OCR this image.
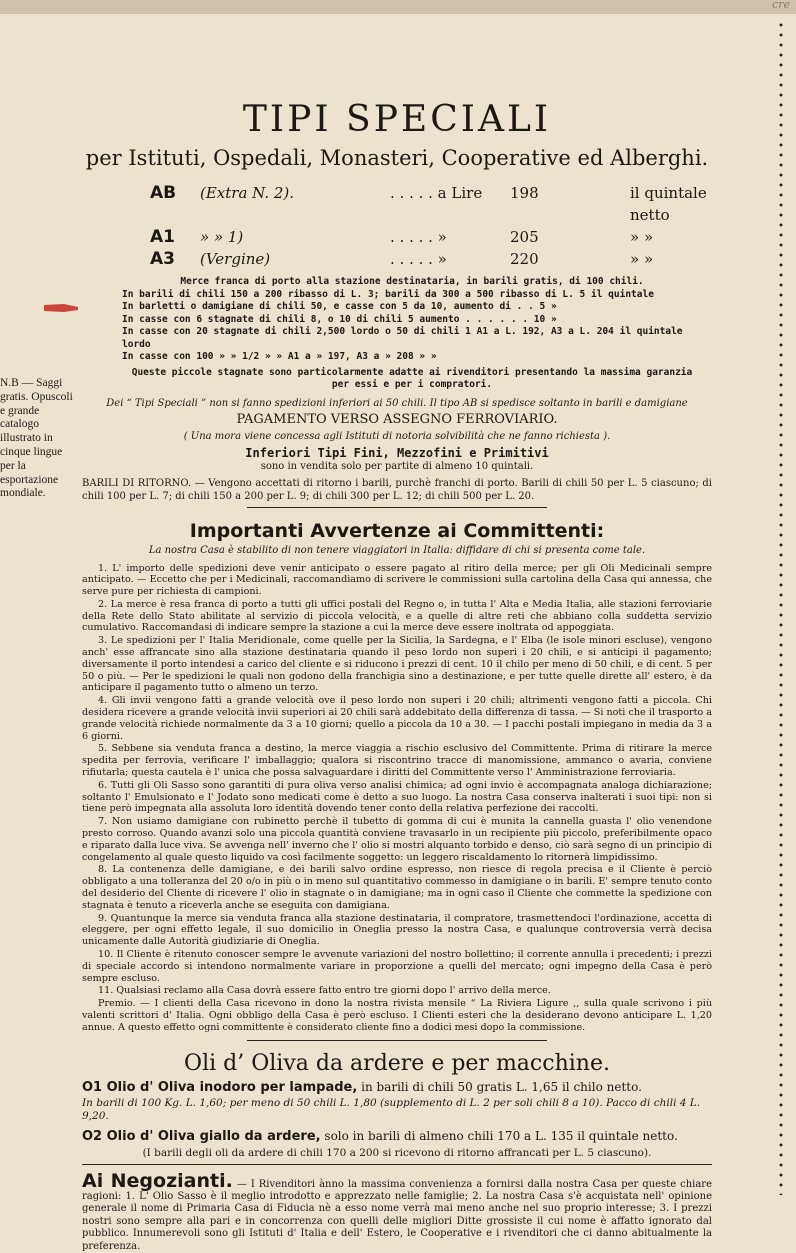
cre
N.B — Saggi gratis. Opuscoli e grande catalogo illustrato in cinque lingue per la esportazione mondiale.
TIPI SPECIALI
per Istituti, Ospedali, Monasteri, Cooperative ed Alberghi.
AB	(Extra N. 2).	. . . . . a Lire	198	il quintale netto
A1	» » 1)	. . . . . »	205	» »
A3	(Vergine)	. . . . . »	220	» »
Merce franca di porto alla stazione destinataria, in barili gratis, di 100 chili.
In barili di chili 150 a 200 ribasso di L. 3; barili da 300 a 500 ribasso di L. 5 il quintale
In barletti o damigiane di chili 50, e casse con 5 da 10, aumento di . . 5 »
In casse con 6 stagnate di chili 8, o 10 di chili 5 aumento . . . . . . 10 »
In casse con 20 stagnate di chili 2,500 lordo o 50 di chili 1 A1 a L. 192, A3 a L. 204 il quintale lordo
In casse con 100 » » 1/2 » » A1 a » 197, A3 a » 208 » »
Queste piccole stagnate sono particolarmente adatte ai rivenditori presentando la massima garanzia per essi e per i compratori.
Dei “ Tipi Speciali ” non si fanno spedizioni inferiori ai 50 chili. Il tipo AB si spedisce soltanto in barili e damigiane
PAGAMENTO VERSO ASSEGNO FERROVIARIO.
( Una mora viene concessa agli Istituti di notoria solvibilità che ne fanno richiesta ).
Inferiori Tipi Fini, Mezzofini e Primitivi
sono in vendita solo per partite di almeno 10 quintali.
BARILI DI RITORNO. — Vengono accettati di ritorno i barili, purchè franchi di porto. Barili di chili 50 per L. 5 ciascuno; di chili 100 per L. 7; di chili 150 a 200 per L. 9; di chili 300 per L. 12; di chili 500 per L. 20.
Importanti Avvertenze ai Committenti:
La nostra Casa è stabilito di non tenere viaggiatori in Italia: diffidare di chi si presenta come tale.

1. L' importo delle spedizioni deve venir anticipato o essere pagato al ritiro della merce; per gli Oli Medicinali sempre anticipato. — Eccetto che per i Medicinali, raccomandiamo di scrivere le commissioni sulla cartolina della Casa qui annessa, che serve pure per richiesta di campioni.

2. La merce è resa franca di porto a tutti gli uffici postali del Regno o, in tutta l' Alta e Media Italia, alle stazioni ferroviarie della Rete dello Stato abilitate al servizio di piccola velocità, e a quelle di altre reti che abbiano colla suddetta servizio cumulativo. Raccomandasi di indicare sempre la stazione a cui la merce deve essere inoltrata od appoggiata.

3. Le spedizioni per l' Italia Meridionale, come quelle per la Sicilia, la Sardegna, e l' Elba (le isole minori escluse), vengono anch' esse affrancate sino alla stazione destinataria quando il peso lordo non superi i 20 chili, e si anticipi il pagamento; diversamente il porto intendesi a carico del cliente e si riducono i prezzi di cent. 10 il chilo per meno di 50 chili, e di cent. 5 per 50 o più. — Per le spedizioni le quali non godono della franchigia sino a destinazione, e per tutte quelle dirette all' estero, è da anticipare il pagamento tutto o almeno un terzo.

4. Gli invii vengono fatti a grande velocità ove il peso lordo non superi i 20 chili; altrimenti vengono fatti a piccola. Chi desidera ricevere a grande velocità invii superiori ai 20 chili sarà addebitato della differenza di tassa. — Si noti che il trasporto a grande velocità richiede normalmente da 3 a 10 giorni; quello a piccola da 10 a 30. — I pacchi postali impiegano in media da 3 a 6 giorni.

5. Sebbene sia venduta franca a destino, la merce viaggia a rischio esclusivo del Committente. Prima di ritirare la merce spedita per ferrovia, verificare l' imballaggio; qualora si riscontrino tracce di manomissione, ammanco o avaria, conviene rifiutarla; questa cautela è l' unica che possa salvaguardare i diritti del Committente verso l' Amministrazione ferroviaria.

6. Tutti gli Oli Sasso sono garantiti di pura oliva verso analisi chimica; ad ogni invio è accompagnata analoga dichiarazione; soltanto l' Emulsionato e l' Jodato sono medicati come è detto a suo luogo. La nostra Casa conserva inalterati i suoi tipi: non si tiene però impegnata alla assoluta loro identità dovendo tener conto della relativa perfezione dei raccolti.

7. Non usiamo damigiane con rubinetto perchè il tubetto di gomma di cui è munita la cannella guasta l' olio venendone presto corroso. Quando avanzi solo una piccola quantità conviene travasarlo in un recipiente più piccolo, preferibilmente opaco e riparato dalla luce viva. Se avvenga nell' inverno che l' olio si mostri alquanto torbido e denso, ciò sarà segno di un principio di congelamento al quale questo liquido va così facilmente soggetto: un leggero riscaldamento lo ritornerà limpidissimo.

8. La contenenza delle damigiane, e dei barili salvo ordine espresso, non riesce di regola precisa e il Cliente è perciò obbligato a una tolleranza del 20 o/o in più o in meno sul quantitativo commesso in damigiane o in barili. E' sempre tenuto conto del desiderio del Cliente di ricevere l' olio in stagnate o in damigiane; ma in ogni caso il Cliente che commette la spedizione con stagnata è tenuto a riceverla anche se eseguita con damigiana.

9. Quantunque la merce sia venduta franca alla stazione destinataria, il compratore, trasmettendoci l'ordinazione, accetta di eleggere, per ogni effetto legale, il suo domicilio in Oneglia presso la nostra Casa, e qualunque controversia verrà decisa unicamente dalle Autorità giudiziarie di Oneglia.

10. Il Cliente è ritenuto conoscer sempre le avvenute variazioni del nostro bollettino; il corrente annulla i precedenti; i prezzi di speciale accordo si intendono normalmente variare in proporzione a quelli del mercato; ogni impegno della Casa è però sempre escluso.

11. Qualsiasi reclamo alla Casa dovrà essere fatto entro tre giorni dopo l' arrivo della merce.

Premio. — I clienti della Casa ricevono in dono la nostra rivista mensile “ La Riviera Ligure ,, sulla quale scrivono i più valenti scrittori d' Italia. Ogni obbligo della Casa è però escluso. I Clienti esteri che la desiderano devono anticipare L. 1,20 annue. A questo effetto ogni committente è considerato cliente fino a dodici mesi dopo la commissione.

Oli d’ Oliva da ardere e per macchine.
O1 Olio d' Oliva inodoro per lampade, in barili di chili 50 gratis L. 1,65 il chilo netto.
In barili di 100 Kg. L. 1,60; per meno di 50 chili L. 1,80 (supplemento di L. 2 per soli chili 8 a 10). Pacco di chili 4 L. 9,20.
O2 Olio d' Oliva giallo da ardere, solo in barili di almeno chili 170 a L. 135 il quintale netto.
(I barili degli oli da ardere di chili 170 a 200 si ricevono di ritorno affrancati per L. 5 ciascuno).
Ai Negozianti. — I Rivenditori ànno la massima convenienza a fornirsi dalla nostra Casa per queste chiare ragioni: 1. L' Olio Sasso è il meglio introdotto e apprezzato nelle famiglie; 2. La nostra Casa s'è acquistata nell' opinione generale il nome di Primaria Casa di Fiducia nè a esso nome verrà mai meno anche nel suo proprio interesse; 3. I prezzi nostri sono sempre alla pari e in concorrenza con quelli delle migliori Ditte grossiste il cui nome è affatto ignorato dal pubblico. Innumerevoli sono gli Istituti d' Italia e dell' Estero, le Cooperative e i rivenditori che ci danno abitualmente la preferenza.
